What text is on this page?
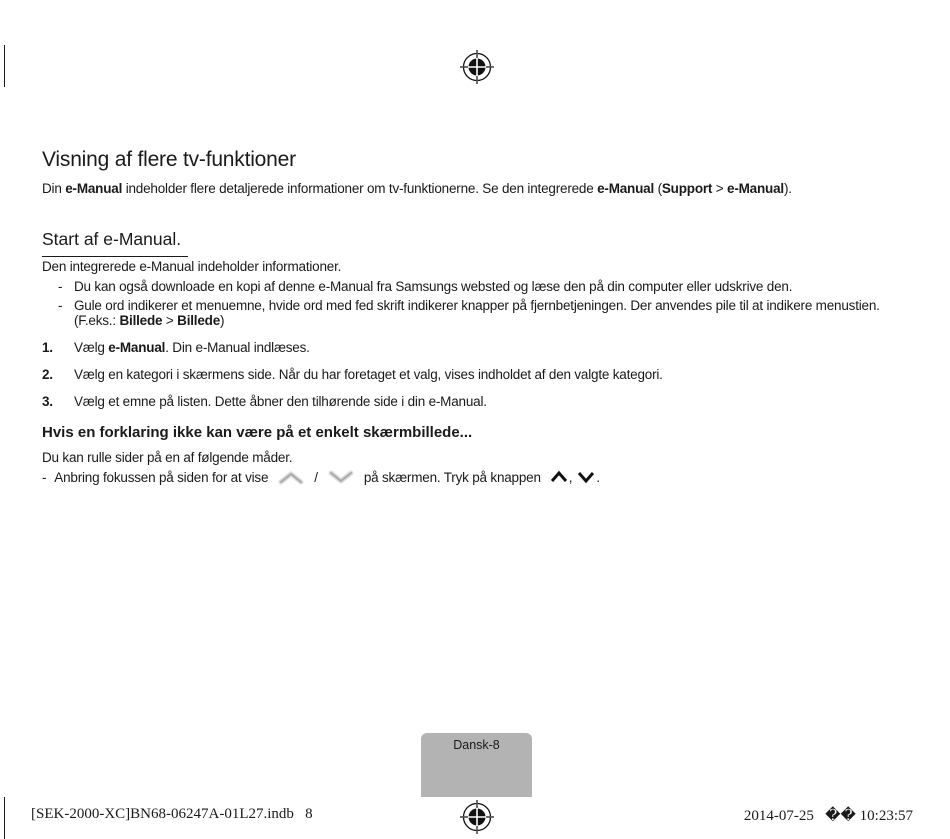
Visning af flere tv-funktioner

Din e-Manual indeholder flere detaljerede informationer om tv-funktionerne. Se den integrerede e-Manual (Support > e-Manual).

Start af e-Manual.

Den integrerede e-Manual indeholder informationer.

- Du kan også downloade en kopi af denne e-Manual fra Samsungs websted og læse den på din computer eller udskrive den.

- Gule ord indikerer et menuemne, hvide ord med fed skrift indikerer knapper på fjernbetjeningen. Der anvendes pile til at indikere menustien. (F.eks.: Billede > Billede)

1. Vælg e-Manual. Din e-Manual indlæses.

2. Vælg en kategori i skærmens side. Når du har foretaget et valg, vises indholdet af den valgte kategori.

3. Vælg et emne på listen. Dette åbner den tilhørende side i din e-Manual.

Hvis en forklaring ikke kan være på et enkelt skærmbillede...

Du kan rulle sider på en af følgende måder.

- Anbring fokussen på siden for at vise	/	på skærmen. Tryk på knappen , .

Dansk-8

[SEK-2000-XC]BN68-06247A-01L27.indb   8	2014-07-25   �� 10:23:57
